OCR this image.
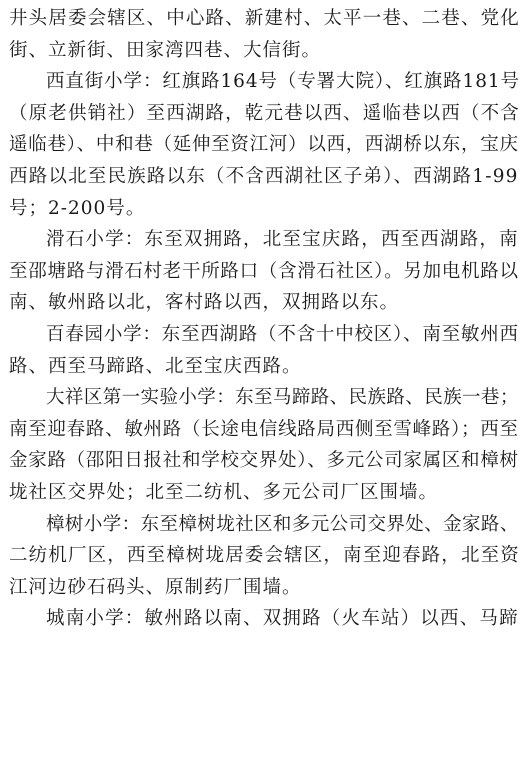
井头居委会辖区、中心路、新建村、太平一巷、二巷、党化
街、立新街、田家湾四巷、大信街。
西直街小学：红旗路164号（专署大院）、红旗路181号
（原老供销社）至西湖路，乾元巷以西、遥临巷以西（不含
遥临巷）、中和巷（延伸至资江河）以西，西湖桥以东，宝庆
西路以北至民族路以东（不含西湖社区子弟）、西湖路1-99
号；2-200号。
滑石小学：东至双拥路，北至宝庆路，西至西湖路，南
至邵塘路与滑石村老干所路口（含滑石社区）。另加电机路以
南、敏州路以北，客村路以西，双拥路以东。
百春园小学：东至西湖路（不含十中校区）、南至敏州西
路、西至马蹄路、北至宝庆西路。
大祥区第一实验小学：东至马蹄路、民族路、民族一巷；
南至迎春路、敏州路（长途电信线路局西侧至雪峰路）；西至
金家路（邵阳日报社和学校交界处）、多元公司家属区和樟树
垅社区交界处；北至二纺机、多元公司厂区围墙。
樟树小学：东至樟树垅社区和多元公司交界处、金家路、
二纺机厂区，西至樟树垅居委会辖区，南至迎春路，北至资
江河边砂石码头、原制药厂围墙。
城南小学：敏州路以南、双拥路（火车站）以西、马蹄
